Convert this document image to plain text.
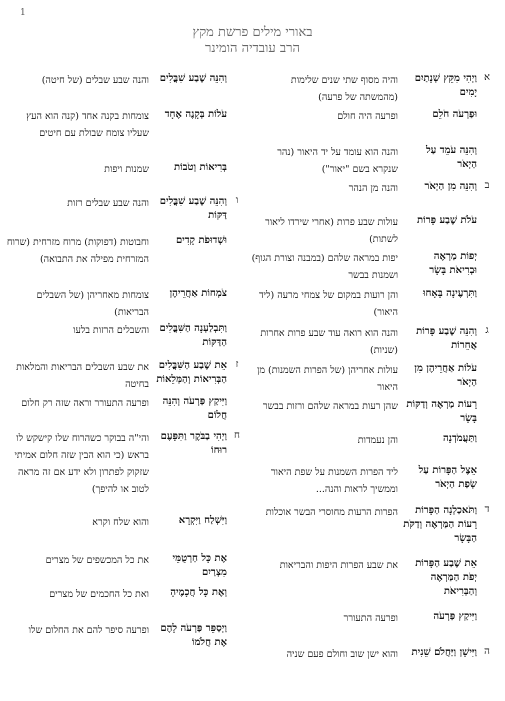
1
באורי מילים פרשת מקץ
הרב עובדיה הומינר
א
וַיְהִי מִקֵּץ שְׁנָתַיִם יָמִים
והיה מסוף שתי שנים שלימות (מהמשתה של פרעה)
וּפַרְעֹה חֹלֵם
ופרעה היה חולם
וְהִנֵּה עֹמֵד עַל הַיְאֹר
והנה הוא עומד על יד היאור (נהר שנקרא בשם "יאור")
ב
וְהִנֵּה מִן הַיְאֹר
והנה מן הנהר
עֹלֹת שֶׁבַע פָּרוֹת
עולות שבע פרות (אחרי שירדו ליאור לשתות)
יְפוֹת מַרְאֶה וּבְרִיאֹת בָּשָׂר
יפות במראה שלהם (במבנה וצורת הגוף) ושמנות בבשר
וַתִּרְעֶינָה בָּאָחוּ
והן רועות במקום של צמחי מרעה (ליד היאור)
ג
וְהִנֵּה שֶׁבַע פָּרוֹת אֲחֵרוֹת
והנה הוא רואה עוד שבע פרות אחרות (שניות)
עֹלוֹת אַחֲרֵיהֶן מִן הַיְאֹר
עולות אחריהן (של הפרות השמנות) מן היאור
רָעוֹת מַרְאֶה וְדַקּוֹת בָּשָׂר
שהן רעות במראה שלהם ורזות בבשר
וַתַּעֲמֹדְנָה
והן נעמדות
אֵצֶל הַפָּרוֹת עַל שְׂפַת הַיְאֹר
ליד הפרות השמנות על שפת היאור וממשיך לראות והנה...
ד
וַתֹּאכַלְנָה הַפָּרוֹת רָעוֹת הַמַּרְאֶה וְדַקֹּת הַבָּשָׂר
הפרות הרעות מחוסרי הבשר אוכלות
אֵת שֶׁבַע הַפָּרוֹת יְפֹת הַמַּרְאֶה וְהַבְּרִיאֹת
את שבע הפרות היפות והבריאות
וַיִּיקַץ פַּרְעֹה
ופרעה התעורר
ה
וַיִּישָׁן וַיַּחֲלֹם שֵׁנִית
והוא ישן שוב וחולם פעם שניה
וְהִנֵּה שֶׁבַע שִׁבֳּלִים
והנה שבע שבלים (של חיטה)
עֹלוֹת בְּקָנֶה אֶחָד
צומחות בקנה אחד (קנה הוא העץ שעליו צומח שבולת עם חיטים
בְּרִיאוֹת וְטֹבוֹת
שמנות ויפות
ו
וְהִנֵּה שֶׁבַע שִׁבֳּלִים דַּקּוֹת
והנה שבע שבלים רזות
וּשְׁדוּפֹת קָדִים
וחבוטות (דפוקות) מרוח מזרחית (שרוח המזרחית מפילה את התבואה)
צֹמְחוֹת אַחֲרֵיהֶן
צומחות מאחריהן (של השבלים הבריאות)
וַתִּבְלַעְנָה הַשִּׁבֳּלִים הַדַּקּוֹת
והשבלים הרזות בלעו
ז
אֵת שֶׁבַע הַשִּׁבֳּלִים הַבְּרִיאוֹת וְהַמְּלֵאוֹת
את שבע השבלים הבריאות והמלאות בחיטה
וַיִּיקַץ פַּרְעֹה וְהִנֵּה חֲלוֹם
ופרעה התעורר וראה שזה רק חלום
ח
וַיְהִי בַבֹּקֶר וַתִּפָּעֶם רוּחוֹ
והי"ה בבוקר כשהרוח שלו קישקש לו בראש (כי הוא הבין שזה חלום אמיתי שזקוק לפתרון ולא ידע אם זה מראה לטוב או להיפך)
וַיִּשְׁלַח וַיִּקְרָא
והוא שלח וקרא
אֶת כָּל חַרְטֻמֵּי מִצְרַיִם
את כל המכשפים של מצרים
וְאֶת כָּל חֲכָמֶיהָ
ואת כל החכמים של מצרים
וַיְסַפֵּר פַּרְעֹה לָהֶם אֶת חֲלֹמוֹ
ופרעה סיפר להם את החלום שלו
